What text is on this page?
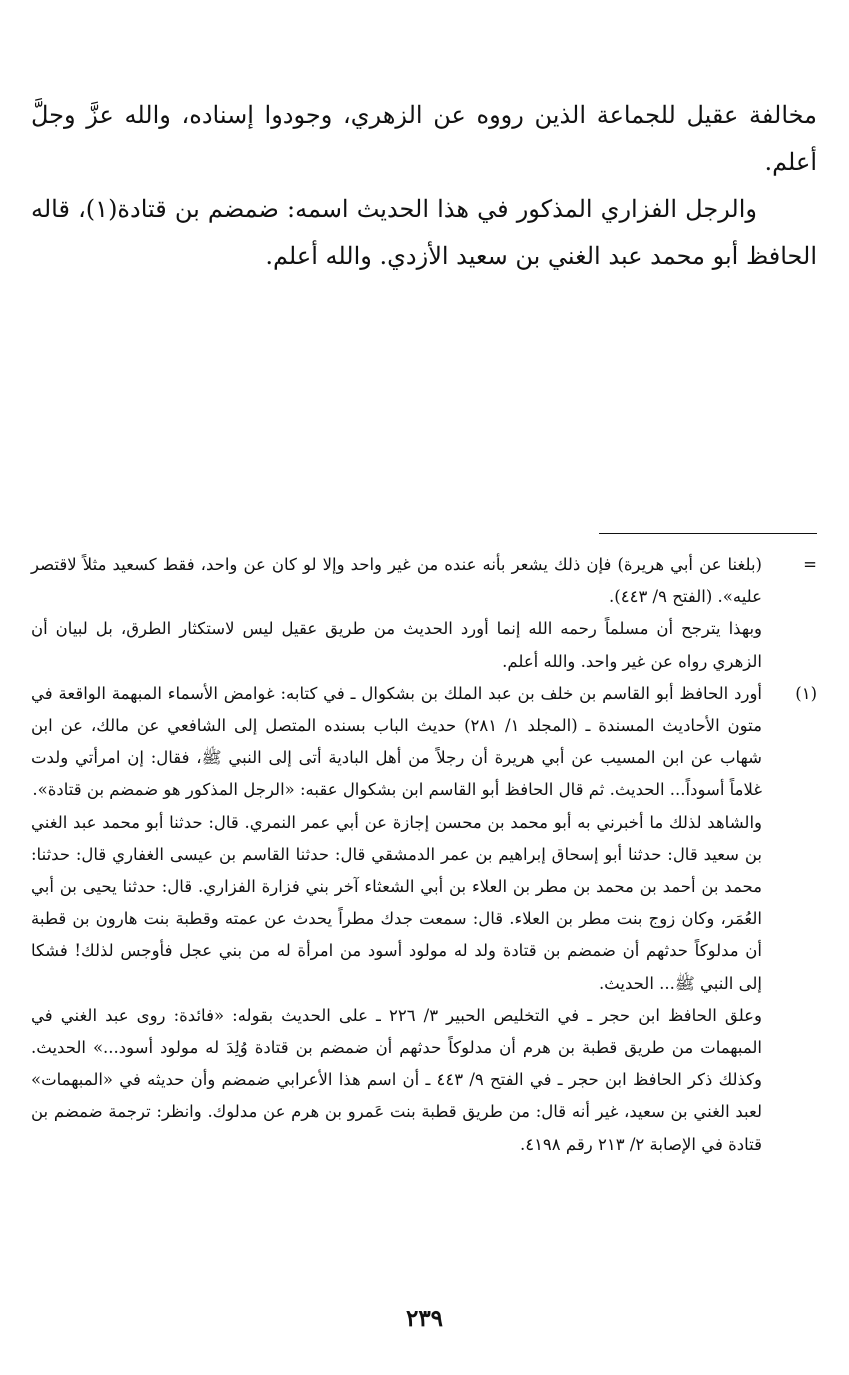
مخالفة عقيل للجماعة الذين رووه عن الزهري، وجودوا إسناده، والله عزَّ وجلَّ أعلم.

والرجل الفزاري المذكور في هذا الحديث اسمه: ضمضم بن قتادة(١)، قاله الحافظ أبو محمد عبد الغني بن سعيد الأزدي. والله أعلم.

=

(بلغنا عن أبي هريرة) فإن ذلك يشعر بأنه عنده من غير واحد وإلا لو كان عن واحد، فقط كسعيد مثلاً لاقتصر عليه». (الفتح ٩/ ٤٤٣).

وبهذا يترجح أن مسلماً رحمه الله إنما أورد الحديث من طريق عقيل ليس لاستكثار الطرق، بل لبيان أن الزهري رواه عن غير واحد. والله أعلم.

(١)

أورد الحافظ أبو القاسم بن خلف بن عبد الملك بن بشكوال ـ في كتابه: غوامض الأسماء المبهمة الواقعة في متون الأحاديث المسندة ـ (المجلد ١/ ٢٨١) حديث الباب بسنده المتصل إلى الشافعي عن مالك، عن ابن شهاب عن ابن المسيب عن أبي هريرة أن رجلاً من أهل البادية أتى إلى النبي ﷺ، فقال: إن امرأتي ولدت غلاماً أسوداً... الحديث. ثم قال الحافظ أبو القاسم ابن بشكوال عقبه: «الرجل المذكور هو ضمضم بن قتادة».

والشاهد لذلك ما أخبرني به أبو محمد بن محسن إجازة عن أبي عمر النمري. قال: حدثنا أبو محمد عبد الغني بن سعيد قال: حدثنا أبو إسحاق إبراهيم بن عمر الدمشقي قال: حدثنا القاسم بن عيسى الغفاري قال: حدثنا: محمد بن أحمد بن محمد بن مطر بن العلاء بن أبي الشعثاء آخر بني فزارة الفزاري. قال: حدثنا يحيى بن أبي العُمَر، وكان زوج بنت مطر بن العلاء. قال: سمعت جدك مطراً يحدث عن عمته وقطبة بنت هارون بن قطبة أن مدلوكاً حدثهم أن ضمضم بن قتادة ولد له مولود أسود من امرأة له من بني عجل فأوجس لذلك! فشكا إلى النبي ﷺ... الحديث.

وعلق الحافظ ابن حجر ـ في التخليص الحبير ٣/ ٢٢٦ ـ على الحديث بقوله: «فائدة: روى عبد الغني في المبهمات من طريق قطبة بن هرم أن مدلوكاً حدثهم أن ضمضم بن قتادة وُلِدَ له مولود أسود...» الحديث. وكذلك ذكر الحافظ ابن حجر ـ في الفتح ٩/ ٤٤٣ ـ أن اسم هذا الأعرابي ضمضم وأن حديثه في «المبهمات» لعبد الغني بن سعيد، غير أنه قال: من طريق قطبة بنت عَمرو بن هرم عن مدلوك. وانظر: ترجمة ضمضم بن قتادة في الإصابة ٢/ ٢١٣ رقم ٤١٩٨.

٢٣٩
